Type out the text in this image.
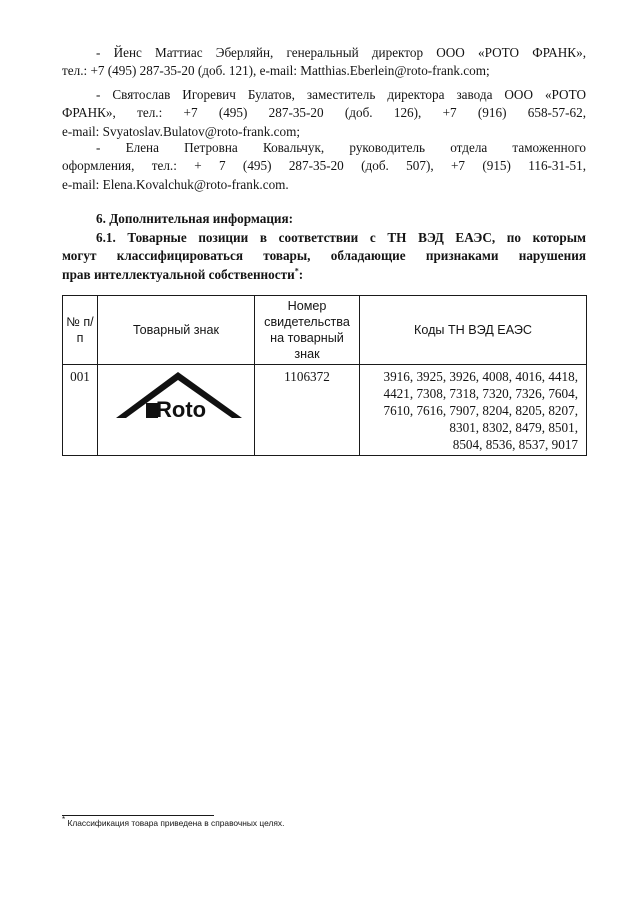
- Йенс Маттиас Эберляйн, генеральный директор ООО «РОТО ФРАНК»,
тел.: +7 (495) 287-35-20 (доб. 121), e-mail: Matthias.Eberlein@roto-frank.com;
- Святослав Игоревич Булатов, заместитель директора завода ООО «РОТО
ФРАНК», тел.: +7 (495) 287-35-20 (доб. 126), +7 (916) 658-57-62,
e-mail: Svyatoslav.Bulatov@roto-frank.com;
- Елена Петровна Ковальчук, руководитель отдела таможенного
оформления, тел.: + 7 (495) 287-35-20 (доб. 507), +7 (915) 116-31-51,
e-mail: Elena.Kovalchuk@roto-frank.com.
6. Дополнительная информация:
6.1. Товарные позиции в соответствии с ТН ВЭД ЕАЭС, по которым
могут классифицироваться товары, обладающие признаками нарушения
прав интеллектуальной собственности*:
№ п/п	Товарный знак	Номер свидетельства на товарный знак	Коды ТН ВЭД ЕАЭС
001	Roto	1106372	3916, 3925, 3926, 4008, 4016, 4418,
4421, 7308, 7318, 7320, 7326, 7604,
7610, 7616, 7907, 8204, 8205, 8207,
8301, 8302, 8479, 8501,
8504, 8536, 8537, 9017
* Классификация товара приведена в справочных целях.
